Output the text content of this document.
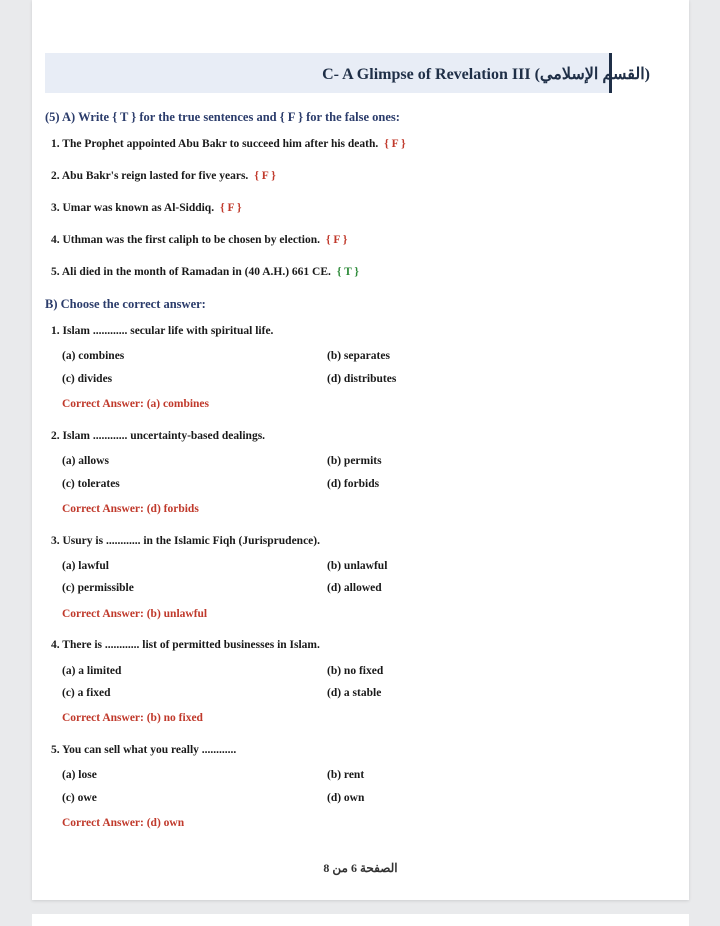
C- A Glimpse of Revelation III (القسم الإسلامي)
(5) A) Write { T } for the true sentences and { F } for the false ones:
1. The Prophet appointed Abu Bakr to succeed him after his death. { F }
2. Abu Bakr's reign lasted for five years. { F }
3. Umar was known as Al-Siddiq. { F }
4. Uthman was the first caliph to be chosen by election. { F }
5. Ali died in the month of Ramadan in (40 A.H.) 661 CE. { T }
B) Choose the correct answer:
1. Islam ............ secular life with spiritual life.
(a) combines	(b) separates
(c) divides	(d) distributes
Correct Answer: (a) combines
2. Islam ............ uncertainty-based dealings.
(a) allows	(b) permits
(c) tolerates	(d) forbids
Correct Answer: (d) forbids
3. Usury is ............ in the Islamic Fiqh (Jurisprudence).
(a) lawful	(b) unlawful
(c) permissible	(d) allowed
Correct Answer: (b) unlawful
4. There is ............ list of permitted businesses in Islam.
(a) a limited	(b) no fixed
(c) a fixed	(d) a stable
Correct Answer: (b) no fixed
5. You can sell what you really ............
(a) lose	(b) rent
(c) owe	(d) own
Correct Answer: (d) own
الصفحة 6 من 8
